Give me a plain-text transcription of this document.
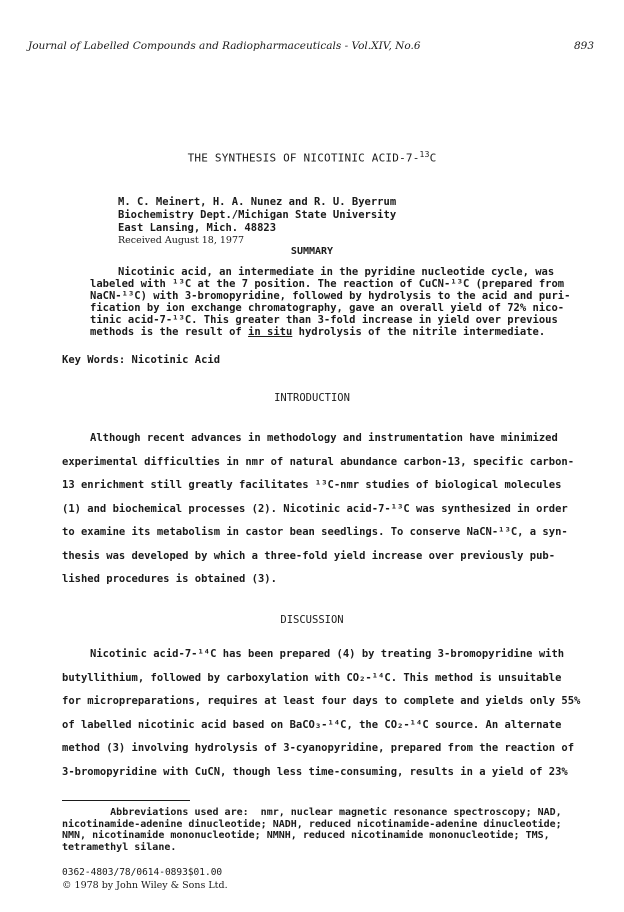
Journal of Labelled Compounds and Radiopharmaceuticals - Vol.XIV, No.6	893
THE SYNTHESIS OF NICOTINIC ACID-7-$^{13}$C
M. C. Meinert, H. A. Nunez and R. U. Byerrum
Biochemistry Dept./Michigan State University
East Lansing, Mich. 48823
Received August 18, 1977
SUMMARY

Nicotinic acid, an intermediate in the pyridine nucleotide cycle, was
labeled with ¹³C at the 7 position. The reaction of CuCN-¹³C (prepared from
NaCN-¹³C) with 3-bromopyridine, followed by hydrolysis to the acid and puri-
fication by ion exchange chromatography, gave an overall yield of 72% nico-
tinic acid-7-¹³C. This greater than 3-fold increase in yield over previous
methods is the result of in situ hydrolysis of the nitrile intermediate.

Key Words: Nicotinic Acid
INTRODUCTION

Although recent advances in methodology and instrumentation have minimized
experimental difficulties in nmr of natural abundance carbon-13, specific carbon-
13 enrichment still greatly facilitates ¹³C-nmr studies of biological molecules
(1) and biochemical processes (2). Nicotinic acid-7-¹³C was synthesized in order
to examine its metabolism in castor bean seedlings. To conserve NaCN-¹³C, a syn-
thesis was developed by which a three-fold yield increase over previously pub-
lished procedures is obtained (3).

DISCUSSION

Nicotinic acid-7-¹⁴C has been prepared (4) by treating 3-bromopyridine with
butyllithium, followed by carboxylation with CO₂-¹⁴C. This method is unsuitable
for micropreparations, requires at least four days to complete and yields only 55%
of labelled nicotinic acid based on BaCO₃-¹⁴C, the CO₂-¹⁴C source. An alternate
method (3) involving hydrolysis of 3-cyanopyridine, prepared from the reaction of
3-bromopyridine with CuCN, though less time-consuming, results in a yield of 23%

Abbreviations used are:  nmr, nuclear magnetic resonance spectroscopy; NAD,
nicotinamide-adenine dinucleotide; NADH, reduced nicotinamide-adenine dinucleotide;
NMN, nicotinamide mononucleotide; NMNH, reduced nicotinamide mononucleotide; TMS,
tetramethyl silane.

0362-4803/78/0614-0893$01.00
© 1978 by John Wiley & Sons Ltd.
